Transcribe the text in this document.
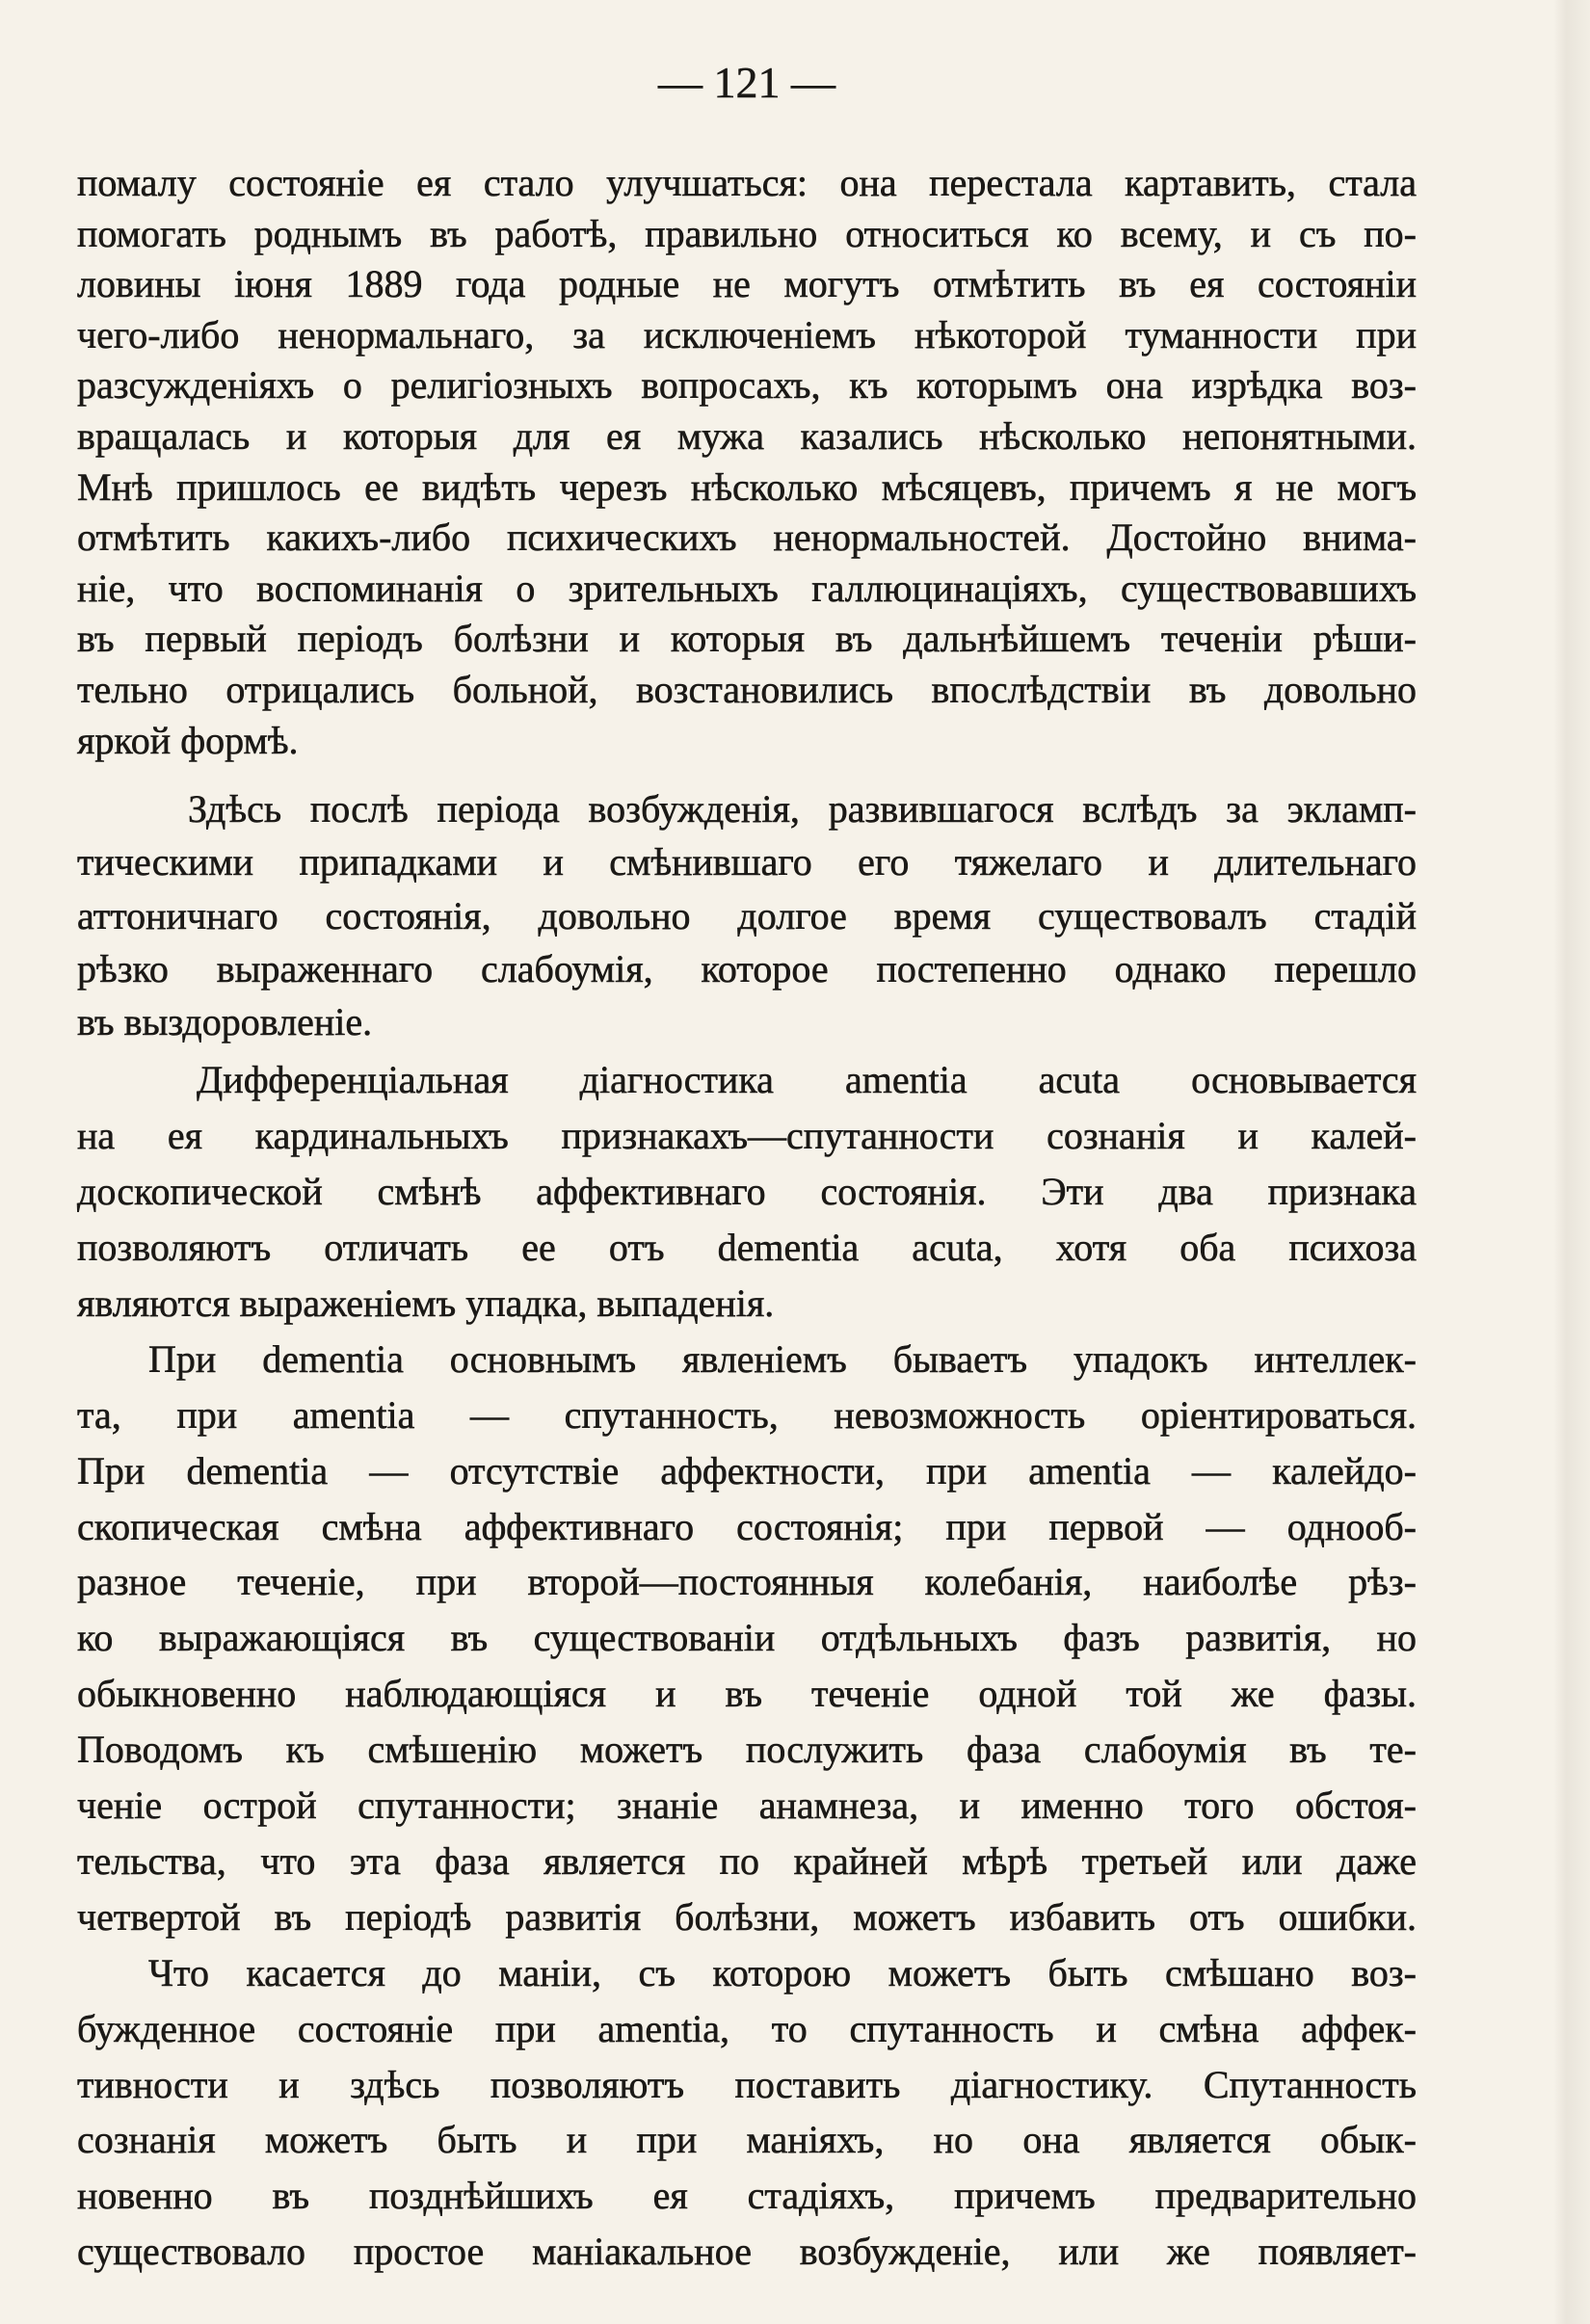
— 121 —
помалу состояніе ея стало улучшаться: она перестала картавить, стала
помогать роднымъ въ работѣ, правильно относиться ко всему, и съ по-
ловины іюня 1889 года родные не могутъ отмѣтить въ ея состояніи
чего-либо ненормальнаго, за исключеніемъ нѣкоторой туманности при
разсужденіяхъ о религіозныхъ вопросахъ, къ которымъ она изрѣдка воз-
вращалась и которыя для ея мужа казались нѣсколько непонятными.
Мнѣ пришлось ее видѣть черезъ нѣсколько мѣсяцевъ, причемъ я не могъ
отмѣтить какихъ-либо психическихъ ненормальностей. Достойно внима-
ніе, что воспоминанія о зрительныхъ галлюцинаціяхъ, существовавшихъ
въ первый періодъ болѣзни и которыя въ дальнѣйшемъ теченіи рѣши-
тельно отрицались больной, возстановились впослѣдствіи въ довольно
яркой формѣ.
Здѣсь послѣ періода возбужденія, развившагося вслѣдъ за экламп-
тическими припадками и смѣнившаго его тяжелаго и длительнаго
аттоничнаго состоянія, довольно долгое время существовалъ стадій
рѣзко выраженнаго слабоумія, которое постепенно однако перешло
въ выздоровленіе.
Дифференціальная діагностика amentia acuta основывается
на ея кардинальныхъ признакахъ—спутанности сознанія и калей-
доскопической смѣнѣ аффективнаго состоянія. Эти два признака
позволяютъ отличать ее отъ dementia acuta, хотя оба психоза
являются выраженіемъ упадка, выпаденія.
При dementia основнымъ явленіемъ бываетъ упадокъ интеллек-
та, при amentia — спутанность, невозможность оріентироваться.
При dementia — отсутствіе аффектности, при amentia — калейдо-
скопическая смѣна аффективнаго состоянія; при первой — однооб-
разное теченіе, при второй—постоянныя колебанія, наиболѣе рѣз-
ко выражающіяся въ существованіи отдѣльныхъ фазъ развитія, но
обыкновенно наблюдающіяся и въ теченіе одной той же фазы.
Поводомъ къ смѣшенію можетъ послужить фаза слабоумія въ те-
ченіе острой спутанности; знаніе анамнеза, и именно того обстоя-
тельства, что эта фаза является по крайней мѣрѣ третьей или даже
четвертой въ періодѣ развитія болѣзни, можетъ избавить отъ ошибки.
Что касается до маніи, съ которою можетъ быть смѣшано воз-
бужденное состояніе при amentia, то спутанность и смѣна аффек-
тивности и здѣсь позволяютъ поставить діагностику. Спутанность
сознанія можетъ быть и при маніяхъ, но она является обык-
новенно въ позднѣйшихъ ея стадіяхъ, причемъ предварительно
существовало простое маніакальное возбужденіе, или же появляет-
